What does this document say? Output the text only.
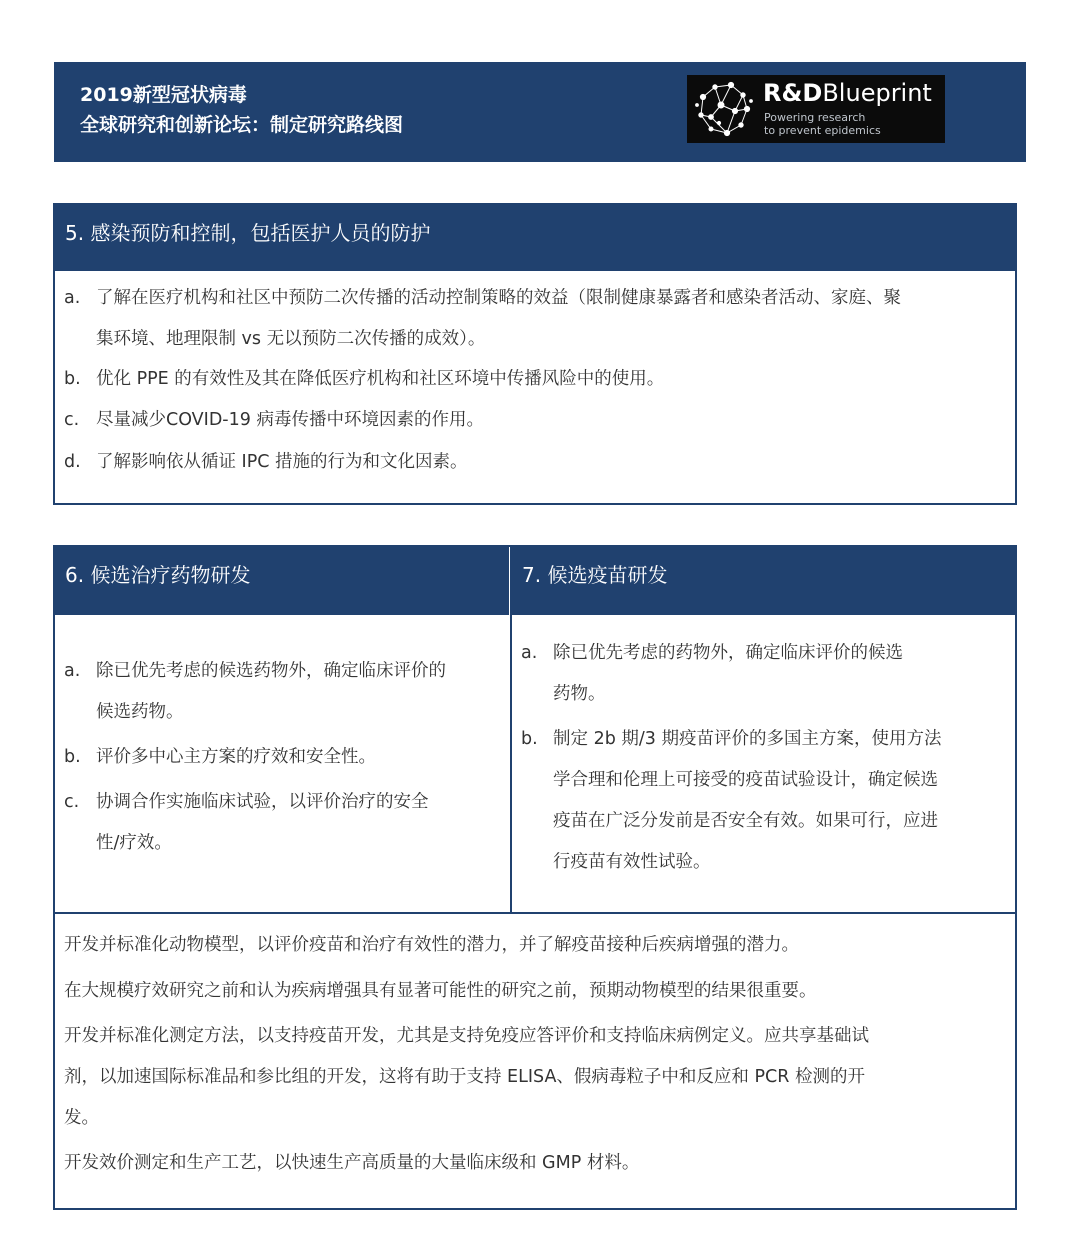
2019新型冠状病毒
全球研究和创新论坛：制定研究路线图
R&DBlueprint
Powering research
to prevent epidemics
5. 感染预防和控制，包括医护人员的防护
a. 了解在医疗机构和社区中预防二次传播的活动控制策略的效益（限制健康暴露者和感染者活动、家庭、聚
集环境、地理限制 vs 无以预防二次传播的成效）。
b. 优化 PPE 的有效性及其在降低医疗机构和社区环境中传播风险中的使用。
c. 尽量减少COVID-19 病毒传播中环境因素的作用。
d. 了解影响依从循证 IPC 措施的行为和文化因素。
6. 候选治疗药物研发	7. 候选疫苗研发
a. 除已优先考虑的候选药物外，确定临床评价的
候选药物。
b. 评价多中心主方案的疗效和安全性。
c. 协调合作实施临床试验，以评价治疗的安全
性/疗效。
a. 除已优先考虑的药物外，确定临床评价的候选
药物。
b. 制定 2b 期/3 期疫苗评价的多国主方案，使用方法
学合理和伦理上可接受的疫苗试验设计，确定候选
疫苗在广泛分发前是否安全有效。如果可行，应进
行疫苗有效性试验。
开发并标准化动物模型，以评价疫苗和治疗有效性的潜力，并了解疫苗接种后疾病增强的潜力。
在大规模疗效研究之前和认为疾病增强具有显著可能性的研究之前，预期动物模型的结果很重要。
开发并标准化测定方法，以支持疫苗开发，尤其是支持免疫应答评价和支持临床病例定义。应共享基础试
剂，以加速国际标准品和参比组的开发，这将有助于支持 ELISA、假病毒粒子中和反应和 PCR 检测的开
发。
开发效价测定和生产工艺，以快速生产高质量的大量临床级和 GMP 材料。
